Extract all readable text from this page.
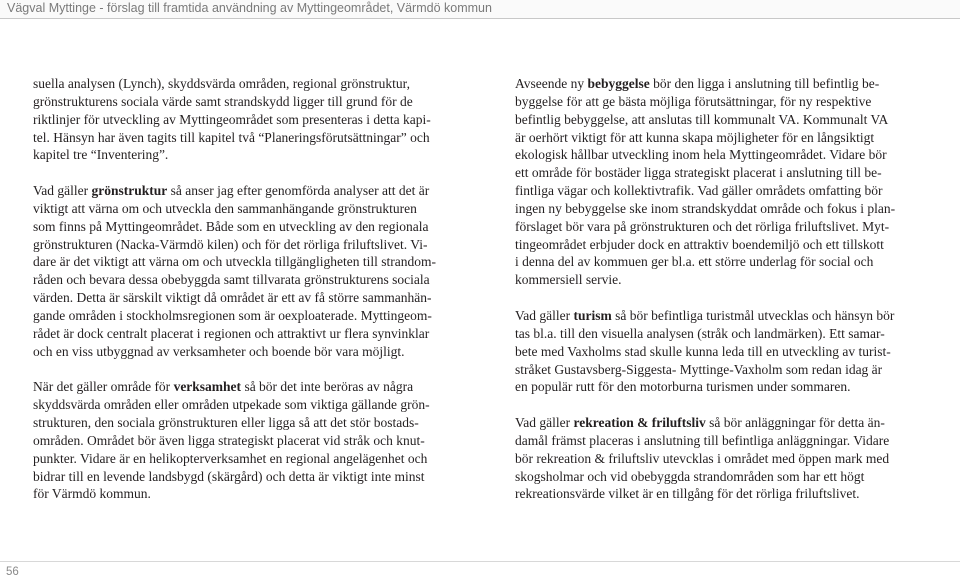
Vägval Myttinge - förslag till framtida användning av Myttingeområdet, Värmdö kommun
suella analysen (Lynch), skyddsvärda områden, regional grönstruktur,
grönstrukturens sociala värde samt strandskydd ligger till grund för de
riktlinjer för utveckling av Myttingeområdet som presenteras i detta kapi-
tel. Hänsyn har även tagits till kapitel två “Planeringsförutsättningar” och
kapitel tre “Inventering”.
Vad gäller grönstruktur så anser jag efter genomförda analyser att det är
viktigt att värna om och utveckla den sammanhängande grönstrukturen
som finns på Myttingeområdet. Både som en utveckling av den regionala
grönstrukturen (Nacka-Värmdö kilen) och för det rörliga friluftslivet. Vi-
dare är det viktigt att värna om och utveckla tillgängligheten till strandom-
råden och bevara dessa obebyggda samt tillvarata grönstrukturens sociala
värden. Detta är särskilt viktigt då området är ett av få större sammanhän-
gande områden i stockholmsregionen som är oexploaterade. Myttingeom-
rådet är dock centralt placerat i regionen och attraktivt ur flera synvinklar
och en viss utbyggnad av verksamheter och boende bör vara möjligt.
När det gäller område för verksamhet så bör det inte beröras av några
skyddsvärda områden eller områden utpekade som viktiga gällande grön-
strukturen, den sociala grönstrukturen eller ligga så att det stör bostads-
områden. Området bör även ligga strategiskt placerat vid stråk och knut-
punkter. Vidare är en helikopterverksamhet en regional angelägenhet och
bidrar till en levende landsbygd (skärgård) och detta är viktigt inte minst
för Värmdö kommun.
Avseende ny bebyggelse bör den ligga i anslutning till befintlig be-
byggelse för att ge bästa möjliga förutsättningar, för ny respektive
befintlig bebyggelse, att anslutas till kommunalt VA. Kommunalt VA
är oerhört viktigt för att kunna skapa möjligheter för en långsiktigt
ekologisk hållbar utveckling inom hela Myttingeområdet. Vidare bör
ett område för bostäder ligga strategiskt placerat i anslutning till be-
fintliga vägar och kollektivtrafik. Vad gäller områdets omfatting bör
ingen ny bebyggelse ske inom strandskyddat område och fokus i plan-
förslaget bör vara på grönstrukturen och det rörliga friluftslivet. Myt-
tingeområdet erbjuder dock en attraktiv boendemiljö och ett tillskott
i denna del av kommuen ger bl.a. ett större underlag för social och
kommersiell servie.
Vad gäller turism så bör befintliga turistmål utvecklas och hänsyn bör
tas bl.a. till den visuella analysen (stråk och landmärken). Ett samar-
bete med Vaxholms stad skulle kunna leda till en utveckling av turist-
stråket Gustavsberg-Siggesta- Myttinge-Vaxholm som redan idag är
en populär rutt för den motorburna turismen under sommaren.
Vad gäller rekreation & friluftsliv så bör anläggningar för detta än-
damål främst placeras i anslutning till befintliga anläggningar. Vidare
bör rekreation & friluftsliv utevcklas i området med öppen mark med
skogsholmar och vid obebyggda strandområden som har ett högt
rekreationsvärde vilket är en tillgång för det rörliga friluftslivet.
56
